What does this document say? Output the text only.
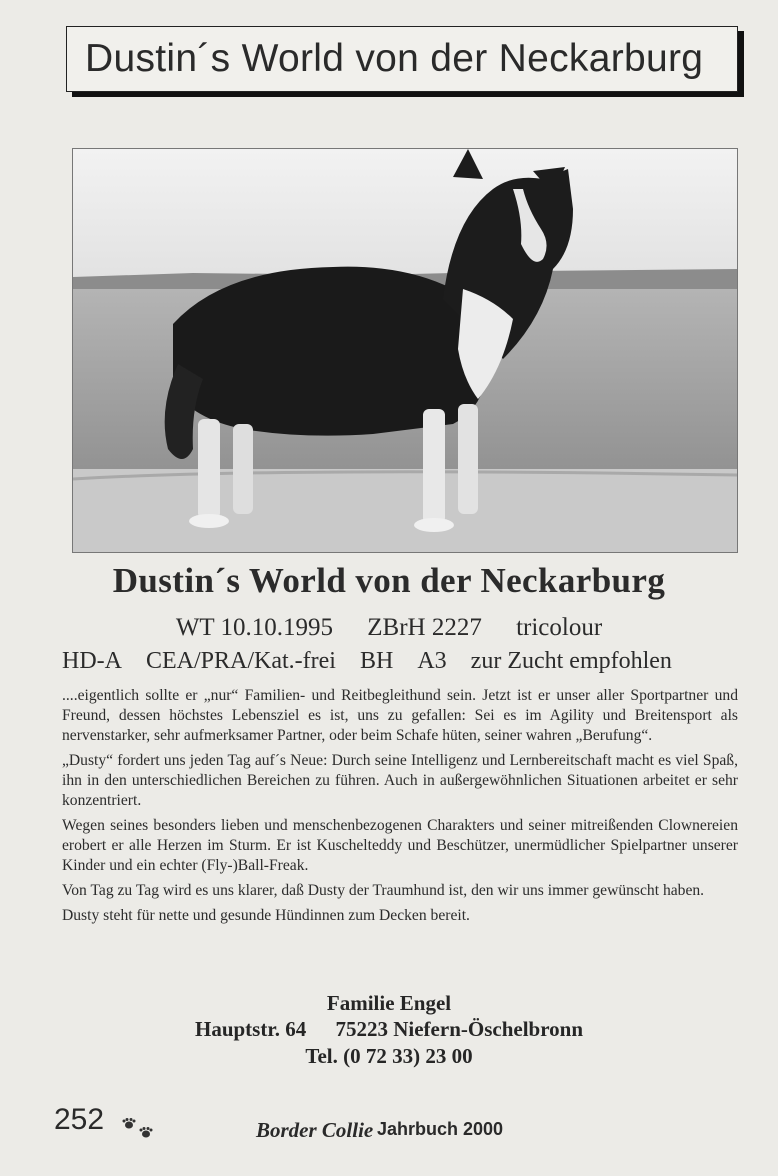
Dustin´s World von der Neckarburg
Dustin´s World von der Neckarburg
WT 10.10.1995 ZBrH 2227 tricolour
HD-A CEA/PRA/Kat.-frei BH A3 zur Zucht empfohlen

....eigentlich sollte er „nur“ Familien- und Reitbegleithund sein. Jetzt ist er unser aller Sportpartner und Freund, dessen höchstes Lebensziel es ist, uns zu gefallen: Sei es im Agility und Breitensport als nervenstarker, sehr aufmerksamer Partner, oder beim Schafe hüten, seiner wahren „Berufung“.

„Dusty“ fordert uns jeden Tag auf´s Neue: Durch seine Intelligenz und Lernbereitschaft macht es viel Spaß, ihn in den unterschiedlichen Bereichen zu führen. Auch in außergewöhnlichen Situationen arbeitet er sehr konzentriert.

Wegen seines besonders lieben und menschenbezogenen Charakters und seiner mitreißenden Clownereien erobert er alle Herzen im Sturm. Er ist Kuschelteddy und Beschützer, unermüdlicher Spielpartner unserer Kinder und ein echter (Fly-)Ball-Freak.

Von Tag zu Tag wird es uns klarer, daß Dusty der Traumhund ist, den wir uns immer gewünscht haben.

Dusty steht für nette und gesunde Hündinnen zum Decken bereit.

Familie Engel
Hauptstr. 64 75223 Niefern-Öschelbronn
Tel. (0 72 33) 23 00
252	Border Collie Jahrbuch 2000
